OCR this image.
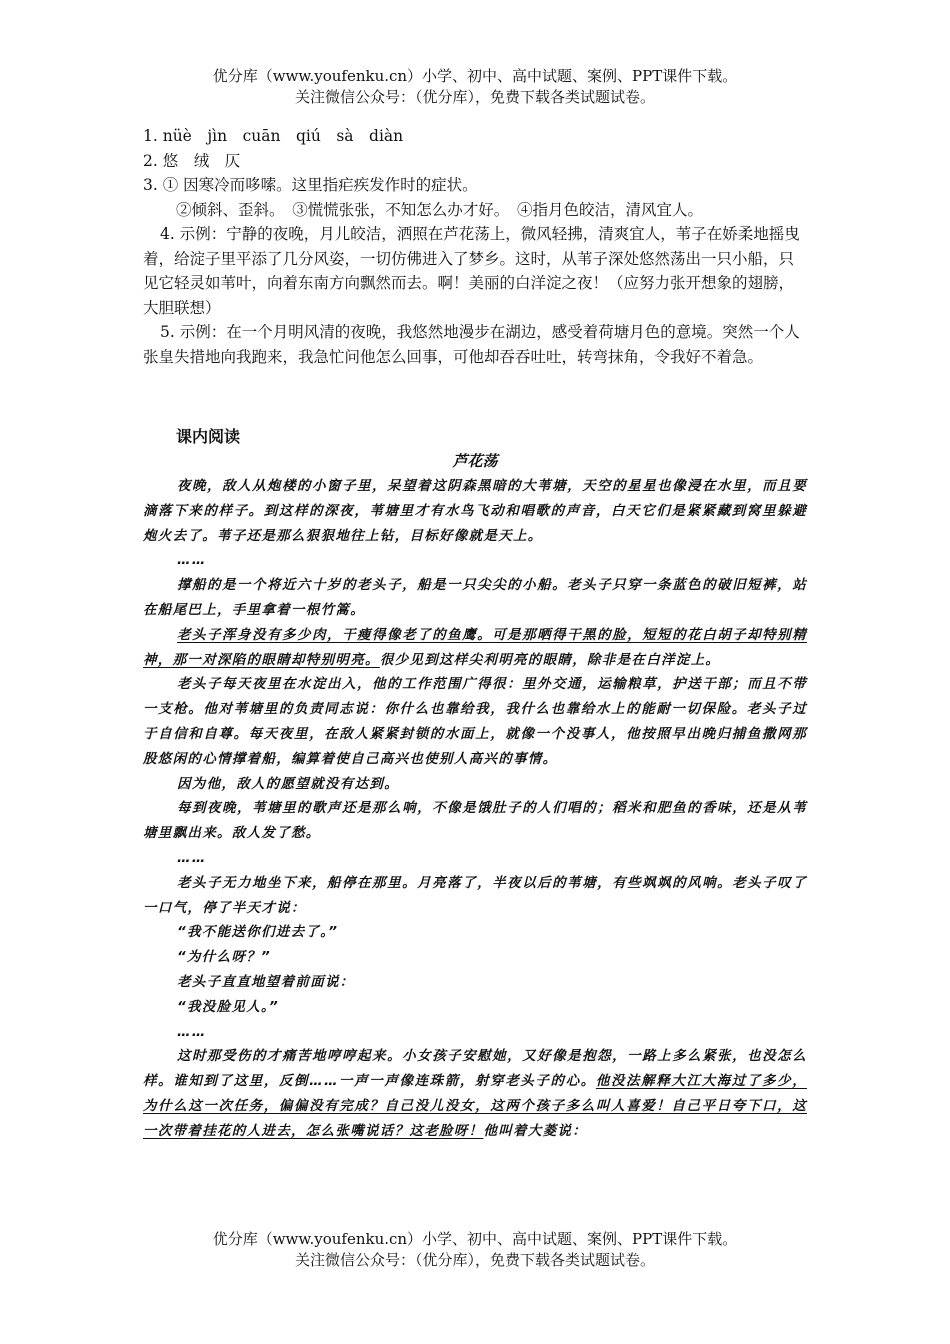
优分库（www.youfenku.cn）小学、初中、高中试题、案例、PPT课件下载。
关注微信公众号：（优分库），免费下载各类试题试卷。

1. nüè　jìn　cuān　qiú　sà　diàn

2. 悠　绒　仄

3. ① 因寒冷而哆嗦。这里指疟疾发作时的症状。

②倾斜、歪斜。　③慌慌张张，不知怎么办才好。　④指月色皎洁，清风宜人。

4. 示例：宁静的夜晚，月儿皎洁，洒照在芦花荡上，微风轻拂，清爽宜人，苇子在娇柔地摇曳着，给淀子里平添了几分风姿，一切仿佛进入了梦乡。这时，从苇子深处悠然荡出一只小船，只见它轻灵如苇叶，向着东南方向飘然而去。啊！美丽的白洋淀之夜！（应努力张开想象的翅膀，大胆联想）

5. 示例：在一个月明风清的夜晚，我悠然地漫步在湖边，感受着荷塘月色的意境。突然一个人张皇失措地向我跑来，我急忙问他怎么回事，可他却吞吞吐吐，转弯抹角，令我好不着急。

课内阅读
芦花荡

夜晚，敌人从炮楼的小窗子里，呆望着这阴森黑暗的大苇塘，天空的星星也像浸在水里，而且要滴落下来的样子。到这样的深夜，苇塘里才有水鸟飞动和唱歌的声音，白天它们是紧紧藏到窝里躲避炮火去了。苇子还是那么狠狠地往上钻，目标好像就是天上。

……

撑船的是一个将近六十岁的老头子，船是一只尖尖的小船。老头子只穿一条蓝色的破旧短裤，站在船尾巴上，手里拿着一根竹篙。

老头子浑身没有多少肉，干瘦得像老了的鱼鹰。可是那晒得干黑的脸，短短的花白胡子却特别精神，那一对深陷的眼睛却特别明亮。很少见到这样尖利明亮的眼睛，除非是在白洋淀上。

老头子每天夜里在水淀出入，他的工作范围广得很：里外交通，运输粮草，护送干部；而且不带一支枪。他对苇塘里的负责同志说：你什么也靠给我，我什么也靠给水上的能耐一切保险。老头子过于自信和自尊。每天夜里，在敌人紧紧封锁的水面上，就像一个没事人，他按照早出晚归捕鱼撒网那股悠闲的心情撑着船，编算着使自己高兴也使别人高兴的事情。

因为他，敌人的愿望就没有达到。

每到夜晚，苇塘里的歌声还是那么响，不像是饿肚子的人们唱的；稻米和肥鱼的香味，还是从苇塘里飘出来。敌人发了愁。

……

老头子无力地坐下来，船停在那里。月亮落了，半夜以后的苇塘，有些飒飒的风响。老头子叹了一口气，停了半天才说：

“我不能送你们进去了。”

“为什么呀？”

老头子直直地望着前面说：

“我没脸见人。”

……

这时那受伤的才痛苦地哼哼起来。小女孩子安慰她，又好像是抱怨，一路上多么紧张，也没怎么样。谁知到了这里，反倒……一声一声像连珠箭，射穿老头子的心。他没法解释大江大海过了多少，为什么这一次任务，偏偏没有完成？自己没儿没女，这两个孩子多么叫人喜爱！自己平日夸下口，这一次带着挂花的人进去，怎么张嘴说话？这老脸呀！他叫着大菱说：

优分库（www.youfenku.cn）小学、初中、高中试题、案例、PPT课件下载。
关注微信公众号：（优分库），免费下载各类试题试卷。
